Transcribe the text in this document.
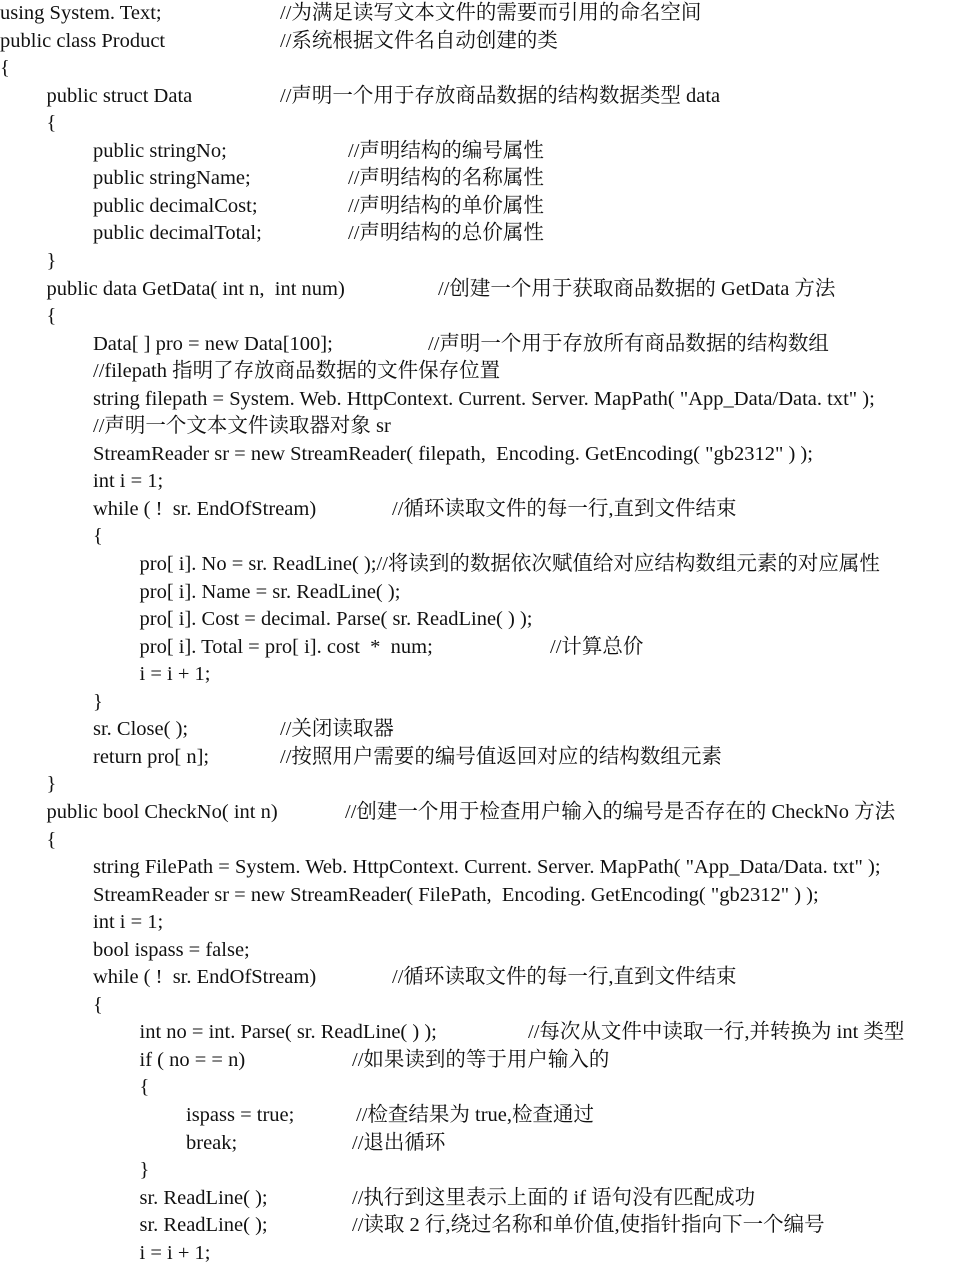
using System. Text;	//为满足读写文本文件的需要而引用的命名空间
public class Product	//系统根据文件名自动创建的类
{
public struct Data	//声明一个用于存放商品数据的结构数据类型 data
{
public stringNo;	//声明结构的编号属性
public stringName;	//声明结构的名称属性
public decimalCost;	//声明结构的单价属性
public decimalTotal;	//声明结构的总价属性
}
public data GetData( int n,  int num)	//创建一个用于获取商品数据的 GetData 方法
{
Data[ ] pro = new Data[100];	//声明一个用于存放所有商品数据的结构数组
//filepath 指明了存放商品数据的文件保存位置
string filepath = System. Web. HttpContext. Current. Server. MapPath( "App_Data/Data. txt" );
//声明一个文本文件读取器对象 sr
StreamReader sr = new StreamReader( filepath,  Encoding. GetEncoding( "gb2312" ) );
int i = 1;
while ( !  sr. EndOfStream)	//循环读取文件的每一行,直到文件结束
{
pro[ i]. No = sr. ReadLine( );//将读到的数据依次赋值给对应结构数组元素的对应属性
pro[ i]. Name = sr. ReadLine( );
pro[ i]. Cost = decimal. Parse( sr. ReadLine( ) );
pro[ i]. Total = pro[ i]. cost  *  num;	//计算总价
i = i + 1;
}
sr. Close( );	//关闭读取器
return pro[ n];	//按照用户需要的编号值返回对应的结构数组元素
}
public bool CheckNo( int n)	//创建一个用于检查用户输入的编号是否存在的 CheckNo 方法
{
string FilePath = System. Web. HttpContext. Current. Server. MapPath( "App_Data/Data. txt" );
StreamReader sr = new StreamReader( FilePath,  Encoding. GetEncoding( "gb2312" ) );
int i = 1;
bool ispass = false;
while ( !  sr. EndOfStream)	//循环读取文件的每一行,直到文件结束
{
int no = int. Parse( sr. ReadLine( ) );	//每次从文件中读取一行,并转换为 int 类型
if ( no = = n)	//如果读到的等于用户输入的
{
ispass = true;	//检查结果为 true,检查通过
break;	//退出循环
}
sr. ReadLine( );	//执行到这里表示上面的 if 语句没有匹配成功
sr. ReadLine( );	//读取 2 行,绕过名称和单价值,使指针指向下一个编号
i = i + 1;
